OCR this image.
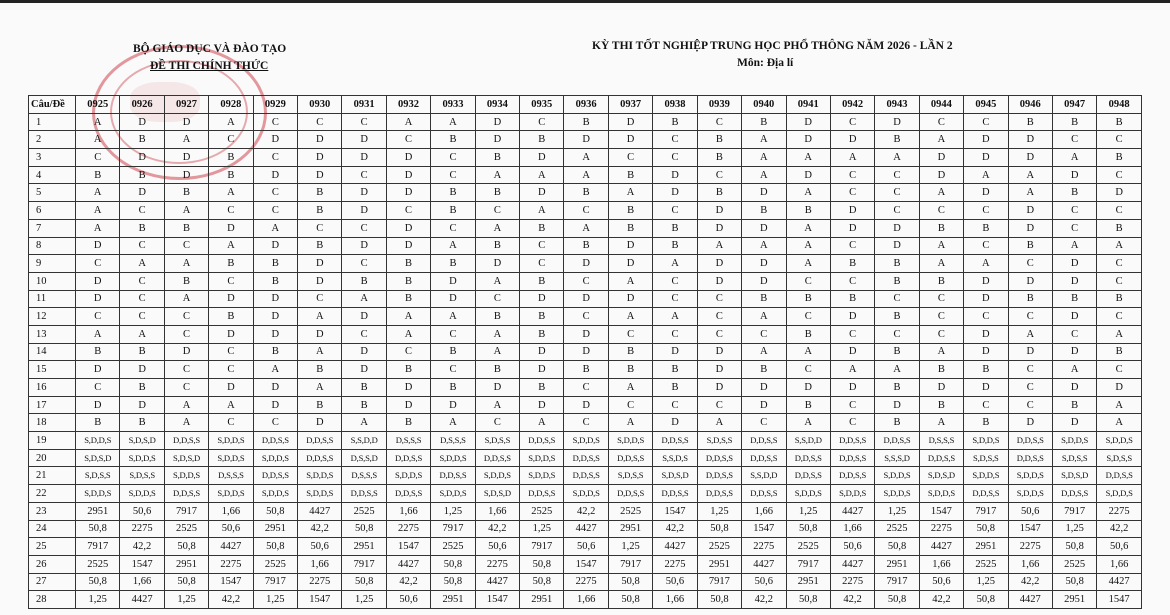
BỘ GIÁO DỤC VÀ ĐÀO TẠO
ĐỀ THI CHÍNH THỨC
KỲ THI TỐT NGHIỆP TRUNG HỌC PHỔ THÔNG NĂM 2026 - LẦN 2
Môn: Địa lí
Câu/Đề	0925	0926	0927	0928	0929	0930	0931	0932	0933	0934	0935	0936	0937	0938	0939	0940	0941	0942	0943	0944	0945	0946	0947	0948
1	A	D	D	A	C	C	C	A	A	D	C	B	D	B	C	B	D	C	D	C	C	B	B	B
2	A	B	A	C	D	D	D	C	B	D	B	D	D	C	B	A	D	D	B	A	D	D	C	C
3	C	D	D	B	C	D	D	D	C	B	D	A	C	C	B	A	A	A	A	D	D	D	A	B
4	B	B	D	B	D	D	C	D	C	A	A	A	B	D	C	A	D	C	C	D	A	A	D	C
5	A	D	B	A	C	B	D	D	B	B	D	B	A	D	B	D	A	C	C	A	D	A	B	D
6	A	C	A	C	C	B	D	C	B	C	A	C	B	C	D	B	B	D	C	C	C	D	C	C
7	A	B	B	D	A	C	C	D	C	A	B	A	B	B	D	D	A	D	D	B	B	D	C	B
8	D	C	C	A	D	B	D	D	A	B	C	B	D	B	A	A	A	C	D	A	C	B	A	A
9	C	A	A	B	B	D	C	B	B	D	C	D	D	A	D	D	A	B	B	A	A	C	D	C
10	D	C	B	C	B	D	B	B	D	A	B	C	A	C	D	D	C	C	B	B	D	D	D	C
11	D	C	A	D	D	C	A	B	D	C	D	D	D	C	C	B	B	B	C	C	D	B	B	B
12	C	C	C	B	D	A	D	A	A	B	B	C	A	A	C	A	C	D	B	C	C	C	D	C
13	A	A	C	D	D	D	C	A	C	A	B	D	C	C	C	C	B	C	C	C	D	A	C	A
14	B	B	D	C	B	A	D	C	B	A	D	D	B	D	D	A	A	D	B	A	D	D	D	B
15	D	D	C	C	A	B	D	B	C	B	D	B	B	B	D	B	C	A	A	B	B	C	A	C
16	C	B	C	D	D	A	B	D	B	D	B	C	A	B	D	D	D	D	B	D	D	C	D	D
17	D	D	A	A	D	B	B	D	D	A	D	D	C	C	C	D	B	C	D	B	C	C	B	A
18	B	B	A	C	C	D	A	B	A	C	A	C	A	D	A	C	A	C	B	A	B	D	D	A
19	S,D,D,S	S,D,S,D	D,D,S,S	S,D,D,S	D,D,S,S	D,D,S,S	S,S,D,D	D,S,S,S	D,S,S,S	S,D,S,S	D,D,S,S	S,D,D,S	S,D,D,S	D,D,S,S	S,D,S,S	D,D,S,S	S,S,D,D	D,D,S,S	D,D,S,S	D,S,S,S	S,D,D,S	D,D,S,S	S,D,D,S	S,D,D,S
20	S,D,S,D	S,D,D,S	S,D,S,D	S,D,D,S	S,D,D,S	D,D,S,S	D,S,S,D	D,D,S,S	S,D,D,S	D,D,S,S	S,D,D,S	D,D,S,S	D,D,S,S	S,S,D,S	D,D,S,S	D,D,S,S	D,D,S,S	D,D,S,S	S,S,S,D	D,D,S,S	S,D,S,S	D,D,S,S	S,D,S,S	S,D,S,S
21	S,D,S,S	S,D,S,S	S,D,D,S	D,S,S,S	D,D,S,S	S,D,D,S	D,S,S,S	S,D,D,S	D,D,S,S	S,D,D,S	S,D,D,S	D,D,S,S	S,D,S,S	S,D,S,D	D,D,S,S	S,S,D,D	D,D,S,S	D,D,S,S	S,D,D,S	S,D,S,D	S,D,D,S	S,D,D,S	S,D,S,D	D,D,S,S
22	S,D,D,S	S,D,D,S	D,D,S,S	S,D,D,S	S,D,D,S	S,D,D,S	D,D,S,S	D,D,S,S	S,D,D,S	S,D,S,D	D,D,S,S	S,D,D,S	D,D,S,S	D,D,S,S	D,D,S,S	D,D,S,S	S,D,D,S	S,D,D,S	S,D,D,S	S,D,D,S	D,D,S,S	S,D,D,S	D,D,S,S	S,D,D,S
23	2951	50,6	7917	1,66	50,8	4427	2525	1,66	1,25	1,66	2525	42,2	2525	1547	1,25	1,66	1,25	4427	1,25	1547	7917	50,6	7917	2275
24	50,8	2275	2525	50,6	2951	42,2	50,8	2275	7917	42,2	1,25	4427	2951	42,2	50,8	1547	50,8	1,66	2525	2275	50,8	1547	1,25	42,2
25	7917	42,2	50,8	4427	50,8	50,6	2951	1547	2525	50,6	7917	50,6	1,25	4427	2525	2275	2525	50,6	50,8	4427	2951	2275	50,8	50,6
26	2525	1547	2951	2275	2525	1,66	7917	4427	50,8	2275	50,8	1547	7917	2275	2951	4427	7917	4427	2951	1,66	2525	1,66	2525	1,66
27	50,8	1,66	50,8	1547	7917	2275	50,8	42,2	50,8	4427	50,8	2275	50,8	50,6	7917	50,6	2951	2275	7917	50,6	1,25	42,2	50,8	4427
28	1,25	4427	1,25	42,2	1,25	1547	1,25	50,6	2951	1547	2951	1,66	50,8	1,66	50,8	42,2	50,8	42,2	50,8	42,2	50,8	4427	2951	1547
